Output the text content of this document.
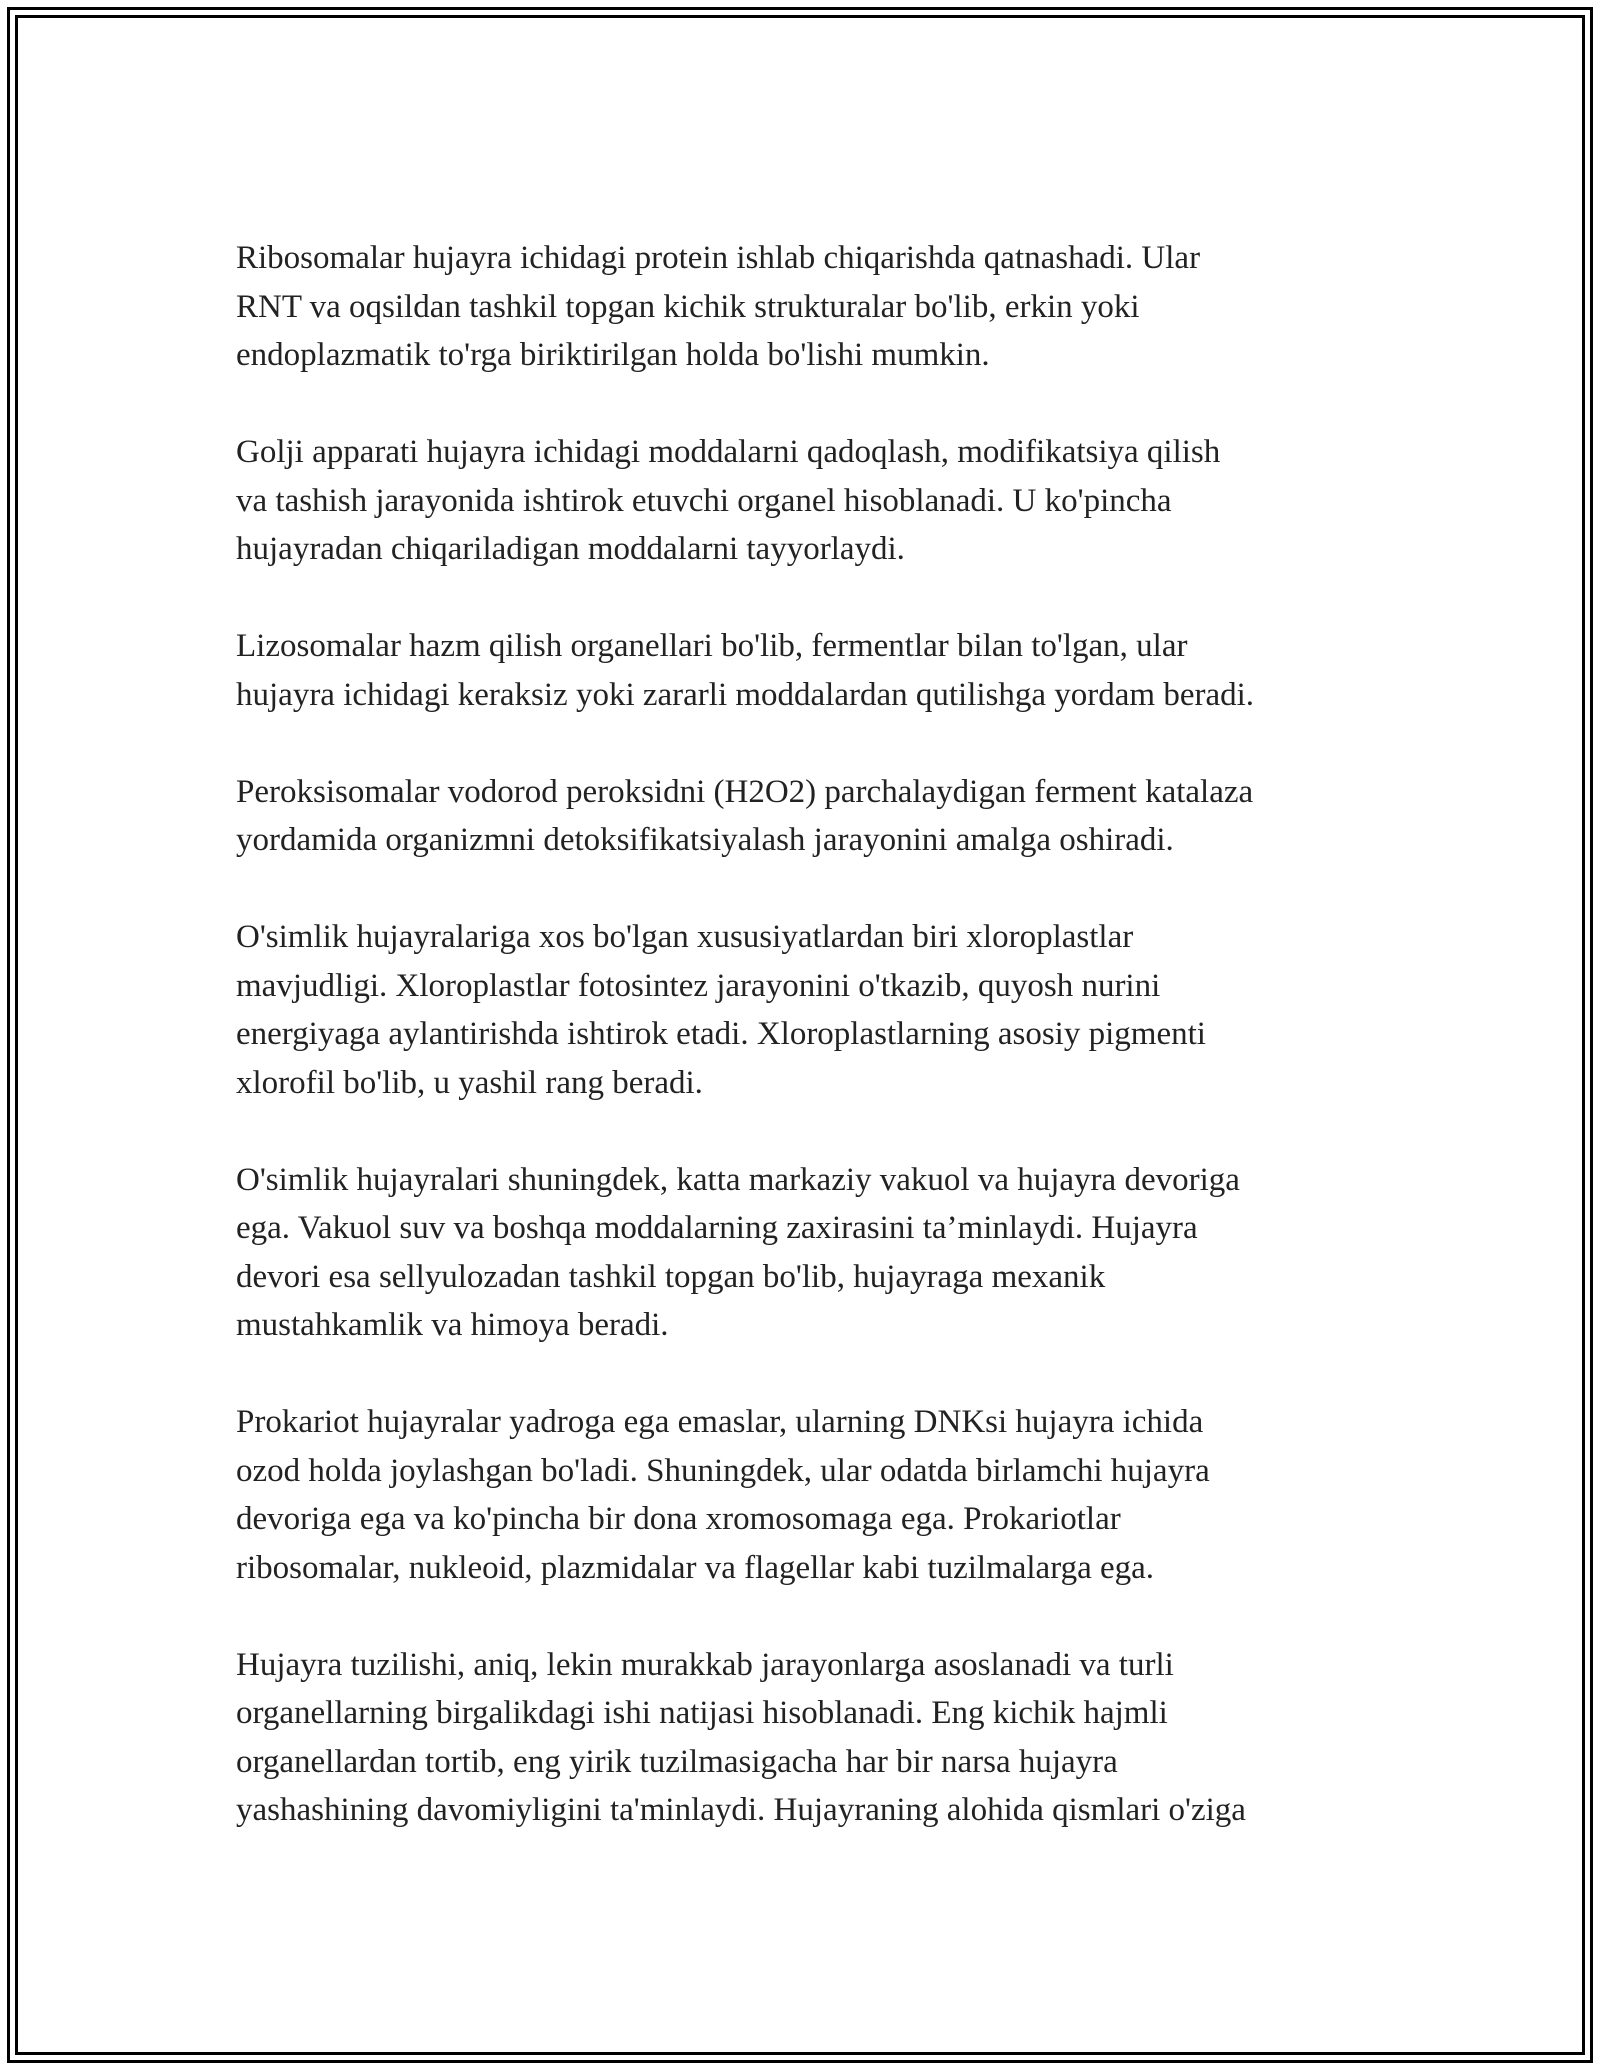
Ribosomalar hujayra ichidagi protein ishlab chiqarishda qatnashadi. Ular
RNT va oqsildan tashkil topgan kichik strukturalar bo'lib, erkin yoki
endoplazmatik to'rga biriktirilgan holda bo'lishi mumkin.

Golji apparati hujayra ichidagi moddalarni qadoqlash, modifikatsiya qilish
va tashish jarayonida ishtirok etuvchi organel hisoblanadi. U ko'pincha
hujayradan chiqariladigan moddalarni tayyorlaydi.

Lizosomalar hazm qilish organellari bo'lib, fermentlar bilan to'lgan, ular
hujayra ichidagi keraksiz yoki zararli moddalardan qutilishga yordam beradi.

Peroksisomalar vodorod peroksidni (H2O2) parchalaydigan ferment katalaza
yordamida organizmni detoksifikatsiyalash jarayonini amalga oshiradi.

O'simlik hujayralariga xos bo'lgan xususiyatlardan biri xloroplastlar
mavjudligi. Xloroplastlar fotosintez jarayonini o'tkazib, quyosh nurini
energiyaga aylantirishda ishtirok etadi. Xloroplastlarning asosiy pigmenti
xlorofil bo'lib, u yashil rang beradi.

O'simlik hujayralari shuningdek, katta markaziy vakuol va hujayra devoriga
ega. Vakuol suv va boshqa moddalarning zaxirasini ta’minlaydi. Hujayra
devori esa sellyulozadan tashkil topgan bo'lib, hujayraga mexanik
mustahkamlik va himoya beradi.

Prokariot hujayralar yadroga ega emaslar, ularning DNKsi hujayra ichida
ozod holda joylashgan bo'ladi. Shuningdek, ular odatda birlamchi hujayra
devoriga ega va ko'pincha bir dona xromosomaga ega. Prokariotlar
ribosomalar, nukleoid, plazmidalar va flagellar kabi tuzilmalarga ega.

Hujayra tuzilishi, aniq, lekin murakkab jarayonlarga asoslanadi va turli
organellarning birgalikdagi ishi natijasi hisoblanadi. Eng kichik hajmli
organellardan tortib, eng yirik tuzilmasigacha har bir narsa hujayra
yashashining davomiyligini ta'minlaydi. Hujayraning alohida qismlari o'ziga
